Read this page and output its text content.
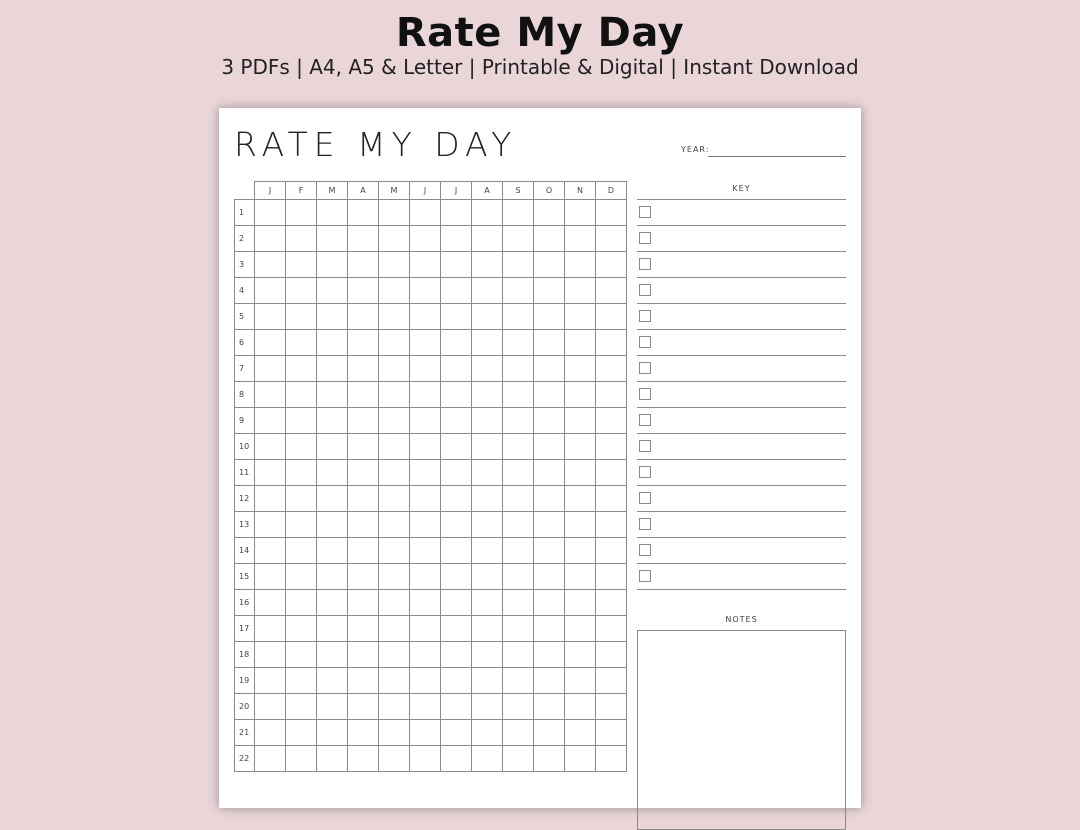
Rate My Day
3 PDFs | A4, A5 & Letter | Printable & Digital | Instant Download
RATE MY DAY	YEAR:
	J	F	M	A	M	J	J	A	S	O	N	D
1												
2												
3												
4												
5												
6												
7												
8												
9												
10												
11												
12												
13												
14												
15												
16												
17												
18												
19												
20												
21												
22												
KEY
NOTES
